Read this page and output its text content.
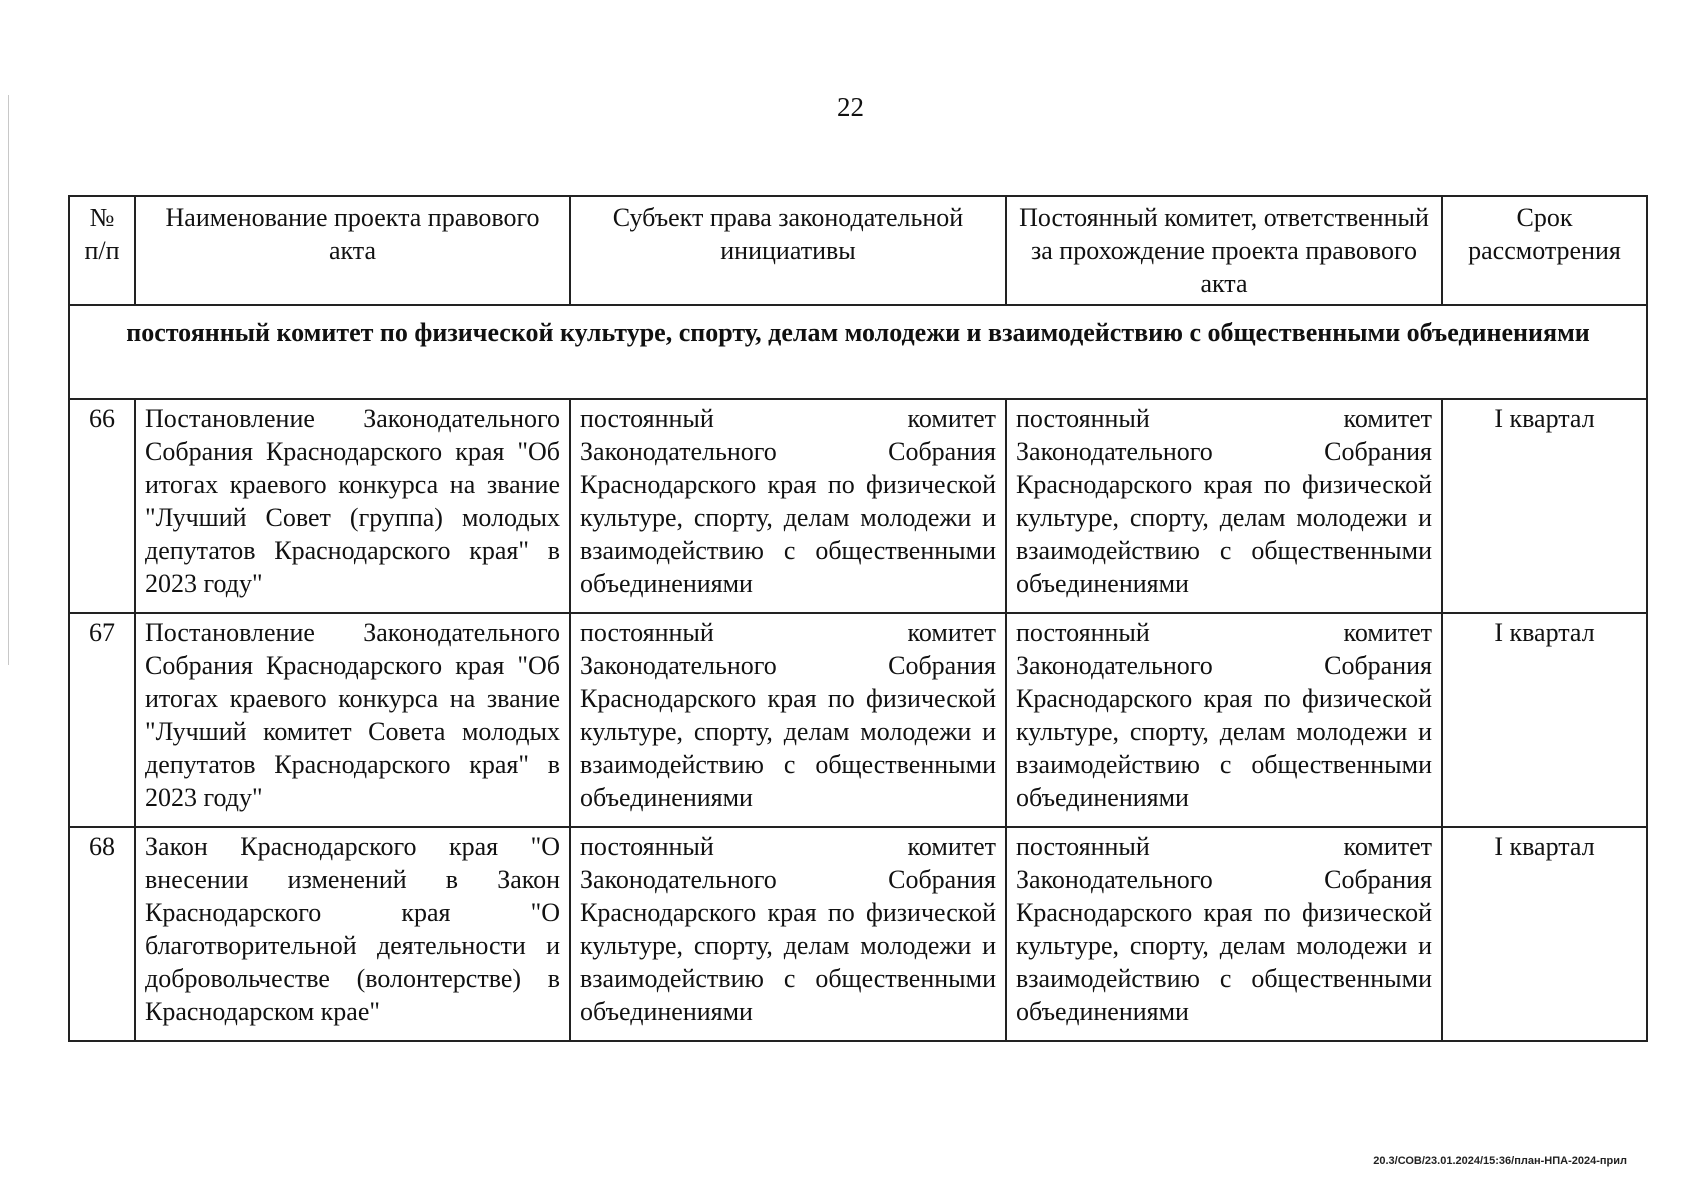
22
№ п/п	Наименование проекта правового акта	Субъект права законодательной инициативы	Постоянный комитет, ответственный за прохождение проекта правового акта	Срок рассмотрения
постоянный комитет по физической культуре, спорту, делам молодежи и взаимодействию с общественными объединениями				
66	Постановление Законодательного Собрания Краснодарского края "Об итогах краевого конкурса на звание "Лучший Совет (группа) молодых депутатов Краснодарского края" в 2023 году"	постоянный комитет Законодательного Собрания Краснодарского края по физической культуре, спорту, делам молодежи и взаимодействию с общественными объединениями	постоянный комитет Законодательного Собрания Краснодарского края по физической культуре, спорту, делам молодежи и взаимодействию с общественными объединениями	I квартал
67	Постановление Законодательного Собрания Краснодарского края "Об итогах краевого конкурса на звание "Лучший комитет Совета молодых депутатов Краснодарского края" в 2023 году"	постоянный комитет Законодательного Собрания Краснодарского края по физической культуре, спорту, делам молодежи и взаимодействию с общественными объединениями	постоянный комитет Законодательного Собрания Краснодарского края по физической культуре, спорту, делам молодежи и взаимодействию с общественными объединениями	I квартал
68	Закон Краснодарского края "О внесении изменений в Закон Краснодарского края "О благотворительной деятельности и добровольчестве (волонтерстве) в Краснодарском крае"	постоянный комитет Законодательного Собрания Краснодарского края по физической культуре, спорту, делам молодежи и взаимодействию с общественными объединениями	постоянный комитет Законодательного Собрания Краснодарского края по физической культуре, спорту, делам молодежи и взаимодействию с общественными объединениями	I квартал
20.3/СОВ/23.01.2024/15:36/план-НПА-2024-прил
